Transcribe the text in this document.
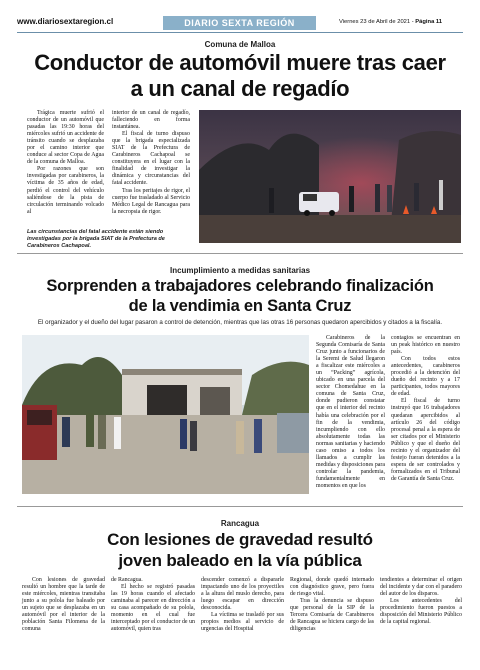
www.diariosextaregion.cl	DIARIO SEXTA REGIÓN	Viernes 23 de Abril de 2021 - Página 11
Comuna de Malloa
Conductor de automóvil muere tras caer
a un canal de regadío

Trágica muerte sufrió el conductor de un automóvil que pasadas las 19:30 horas del miércoles sufrió un accidente de tránsito cuando se desplazaba por el camino interior que conduce al sector Copa de Agua de la comuna de Malloa.

Por razones que son investigadas por carabineros, la víctima de 35 años de edad, perdió el control del vehículo saliéndose de la pista de circulación terminando volcado al

interior de un canal de regadío, falleciendo en forma instantánea.

El fiscal de turno dispuso que la brigada especializada SIAT de la Prefectura de Carabineros Cachapoal se constituyera en el lugar con la finalidad de investigar la dinámica y circunstancias del fatal accidente.

Tras los peritajes de rigor, el cuerpo fue trasladado al Servicio Médico Legal de Rancagua para la necropsia de rigor.

Las circunstancias del fatal accidente están siendo investigadas por la brigada SIAT de la Prefectura de Carabineros Cachapoal.
Incumplimiento a medidas sanitarias
Sorprenden a trabajadores celebrando finalización
de la vendimia en Santa Cruz
El organizador y el dueño del lugar pasaron a control de detención, mientras que las otras 16 personas quedaron apercibidos y citados a la fiscalía.

Carabineros de la Segunda Comisaría de Santa Cruz junto a funcionarios de la Seremi de Salud llegaron a fiscalizar este miércoles a un “Packing” agrícola, ubicado en una parcela del sector Chomedahue en la comuna de Santa Cruz, donde pudieron constatar que en el interior del recinto había una celebración por el fin de la vendimia, incumpliendo con ello absolutamente todas las normas sanitarias y haciendo caso omiso a todos los llamados a cumplir las medidas y disposiciones para controlar la pandemia, fundamentalmente en momentos en que los

contagios se encuentran en un peak histórico en nuestro país.

Con todos estos antecedentes, carabineros procedió a la detención del dueño del recinto y a 17 participantes, todos mayores de edad.

El fiscal de turno instruyó que 16 trabajadores quedaran apercibidos al artículo 26 del código procesal penal a la espera de ser citados por el Ministerio Público y que el dueño del recinto y el organizador del festejo fueran detenidos a la espera de ser controlados y formalizados en el Tribunal de Garantía de Santa Cruz.

Rancagua
Con lesiones de gravedad resultó
joven baleado en la vía pública

Con lesiones de gravedad resultó un hombre que la tarde de este miércoles, mientras transitaba junto a su polola fue baleado por un sujeto que se desplazaba en un automóvil por el interior de la población Santa Filomena de la comuna

de Rancagua.

El hecho se registró pasadas las 19 horas cuando el afectado caminaba al parecer en dirección a su casa acompañado de su polola, momento en el cual fue interceptado por el conductor de un automóvil, quien tras

descender comenzó a dispararle impactando uno de los proyectiles a la altura del muslo derecho, para luego escapar en dirección desconocida.

La víctima se trasladó por sus propios medios al servicio de urgencias del Hospital

Regional, donde quedó internado con diagnóstico grave, pero fuera de riesgo vital.

Tras la denuncia se dispuso que personal de la SIP de la Tercera Comisaría de Carabineros de Rancagua se hiciera cargo de las diligencias

tendientes a determinar el origen del incidente y dar con el paradero del autor de los disparos.

Los antecedentes del procedimiento fueron puestos a disposición del Ministerio Público de la capital regional.
